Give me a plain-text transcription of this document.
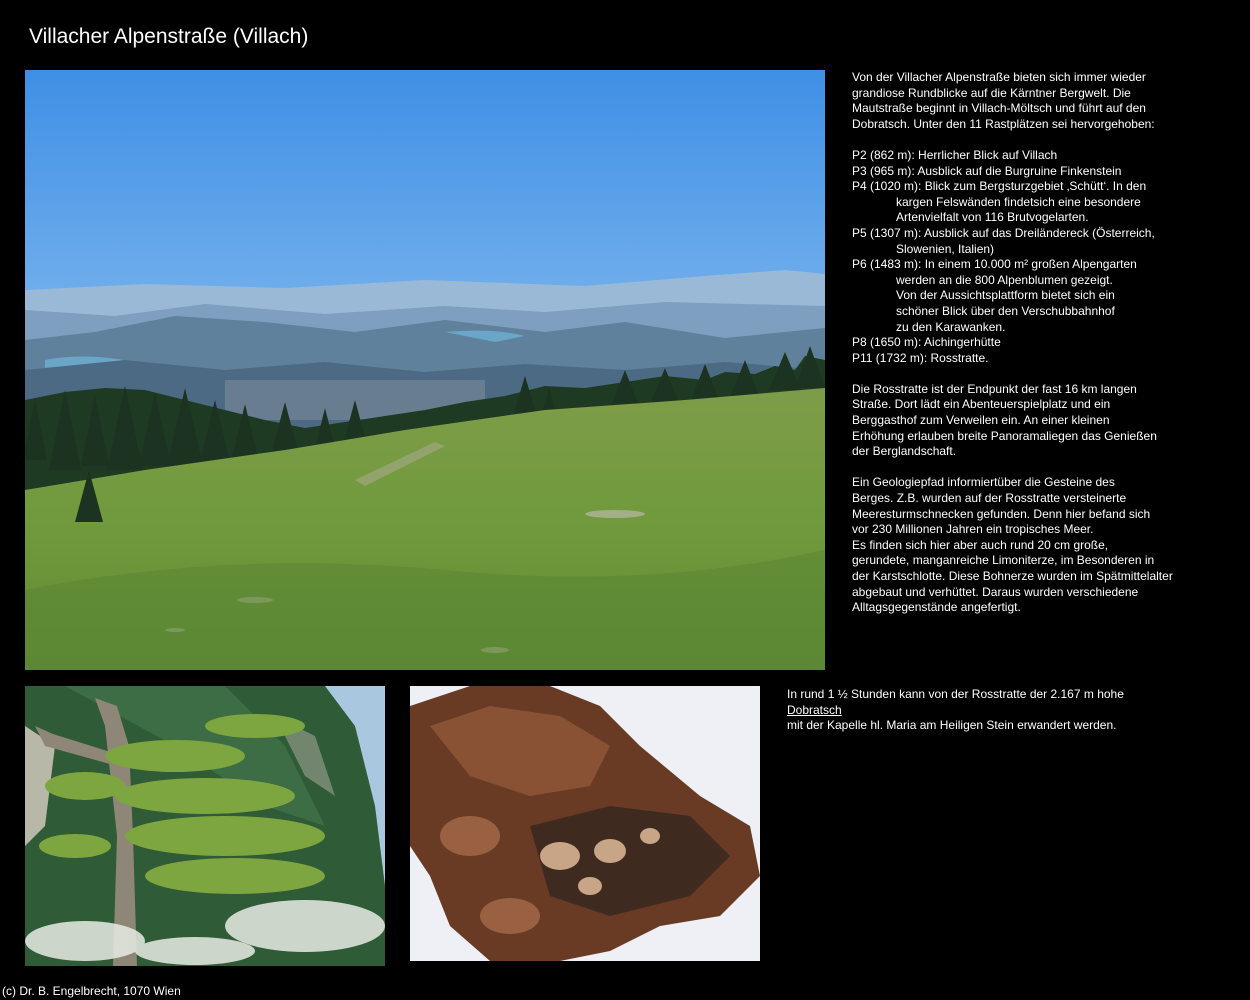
Villacher Alpenstraße (Villach)

Von der Villacher Alpenstraße bieten sich immer wieder

grandiose Rundblicke auf die Kärntner Bergwelt. Die

Mautstraße beginnt in Villach-Möltsch und führt auf den

Dobratsch. Unter den 11 Rastplätzen sei hervorgehoben:

P2 (862 m): Herrlicher Blick auf Villach

P3 (965 m): Ausblick auf die Burgruine Finkenstein

P4 (1020 m): Blick zum Bergsturzgebiet ‚Schütt‘. In den

kargen Felswänden findetsich eine besondere

Artenvielfalt von 116 Brutvogelarten.

P5 (1307 m): Ausblick auf das Dreiländereck (Österreich,

Slowenien, Italien)

P6 (1483 m): In einem 10.000 m² großen Alpengarten

werden an die 800 Alpenblumen gezeigt.

Von der Aussichtsplattform bietet sich ein

schöner Blick über den Verschubbahnhof

zu den Karawanken.

P8 (1650 m): Aichingerhütte

P11 (1732 m): Rosstratte.

Die Rosstratte ist der Endpunkt der fast 16 km langen

Straße. Dort lädt ein Abenteuerspielplatz und ein

Berggasthof zum Verweilen ein. An einer kleinen

Erhöhung erlauben breite Panoramaliegen das Genießen

der Berglandschaft.

Ein Geologiepfad informiertüber die Gesteine des

Berges. Z.B. wurden auf der Rosstratte versteinerte

Meeresturmschnecken gefunden. Denn hier befand sich

vor 230 Millionen Jahren ein tropisches Meer.

Es finden sich hier aber auch rund 20 cm große,

gerundete, manganreiche Limoniterze, im Besonderen in

der Karstschlotte. Diese Bohnerze wurden im Spätmittelalter

abgebaut und verhüttet. Daraus wurden verschiedene

Alltagsgegenstände angefertigt.

In rund 1 ½ Stunden kann von der Rosstratte der 2.167 m hohe
Dobratsch
mit der Kapelle hl. Maria am Heiligen Stein erwandert werden.
(c) Dr. B. Engelbrecht, 1070 Wien
